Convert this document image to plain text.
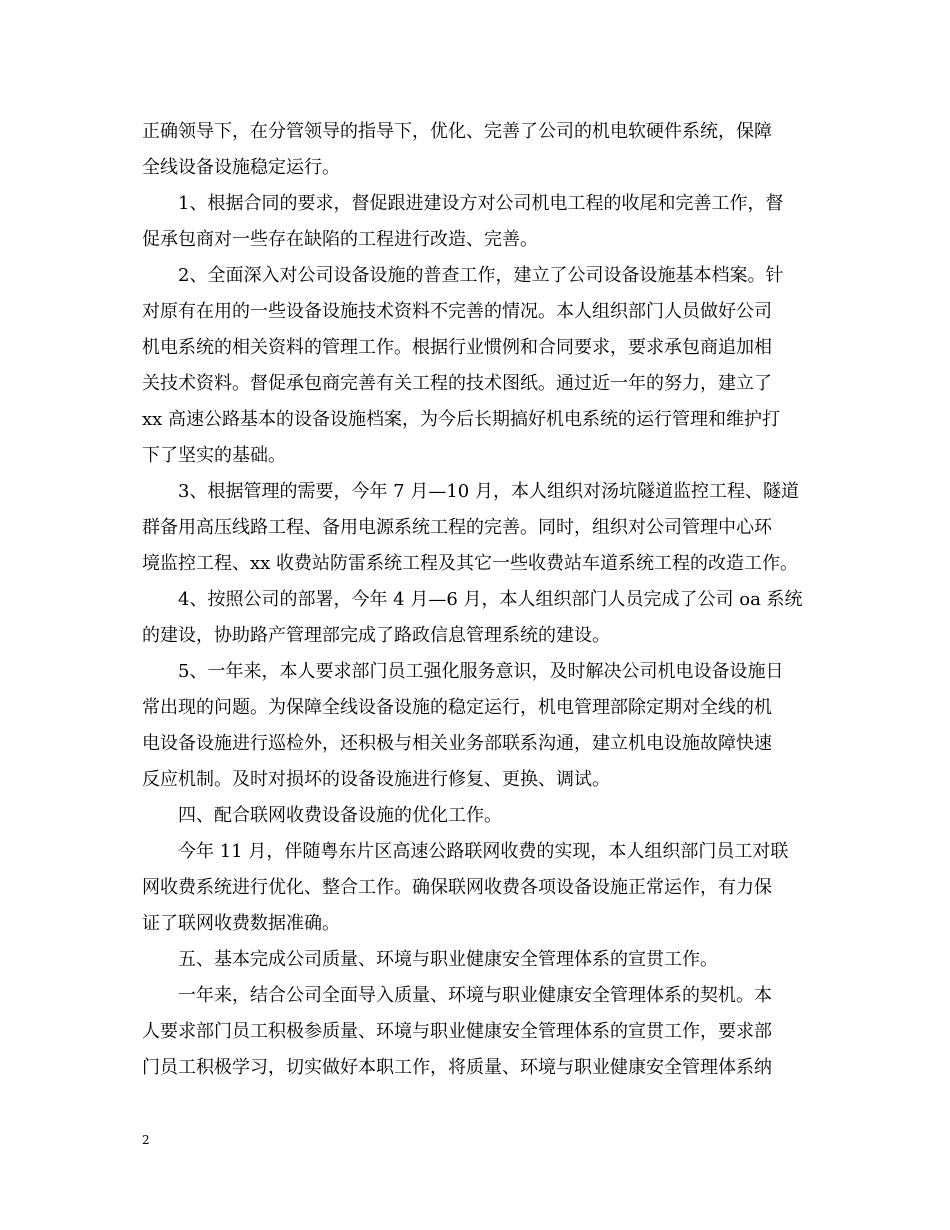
正确领导下，在分管领导的指导下，优化、完善了公司的机电软硬件系统，保障
全线设备设施稳定运行。
1、根据合同的要求，督促跟进建设方对公司机电工程的收尾和完善工作，督
促承包商对一些存在缺陷的工程进行改造、完善。
2、全面深入对公司设备设施的普查工作，建立了公司设备设施基本档案。针
对原有在用的一些设备设施技术资料不完善的情况。本人组织部门人员做好公司
机电系统的相关资料的管理工作。根据行业惯例和合同要求，要求承包商追加相
关技术资料。督促承包商完善有关工程的技术图纸。通过近一年的努力，建立了
xx 高速公路基本的设备设施档案，为今后长期搞好机电系统的运行管理和维护打
下了坚实的基础。
3、根据管理的需要，今年 7 月—10 月，本人组织对汤坑隧道监控工程、隧道
群备用高压线路工程、备用电源系统工程的完善。同时，组织对公司管理中心环
境监控工程、xx 收费站防雷系统工程及其它一些收费站车道系统工程的改造工作。
4、按照公司的部署，今年 4 月—6 月，本人组织部门人员完成了公司 oa 系统
的建设，协助路产管理部完成了路政信息管理系统的建设。
5、一年来，本人要求部门员工强化服务意识，及时解决公司机电设备设施日
常出现的问题。为保障全线设备设施的稳定运行，机电管理部除定期对全线的机
电设备设施进行巡检外，还积极与相关业务部联系沟通，建立机电设施故障快速
反应机制。及时对损坏的设备设施进行修复、更换、调试。
四、配合联网收费设备设施的优化工作。
今年 11 月，伴随粤东片区高速公路联网收费的实现，本人组织部门员工对联
网收费系统进行优化、整合工作。确保联网收费各项设备设施正常运作，有力保
证了联网收费数据准确。
五、基本完成公司质量、环境与职业健康安全管理体系的宣贯工作。
一年来，结合公司全面导入质量、环境与职业健康安全管理体系的契机。本
人要求部门员工积极参质量、环境与职业健康安全管理体系的宣贯工作，要求部
门员工积极学习，切实做好本职工作，将质量、环境与职业健康安全管理体系纳
2
